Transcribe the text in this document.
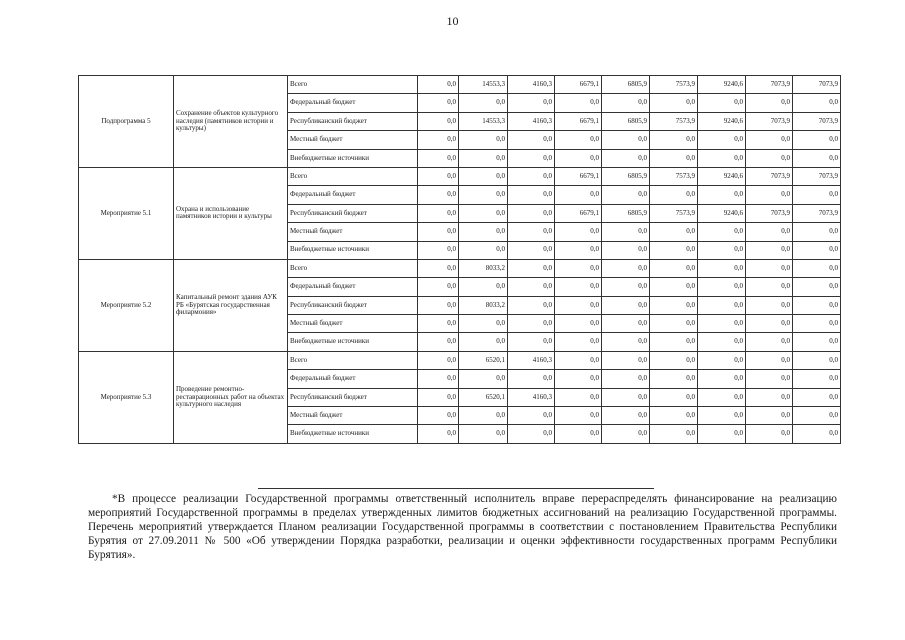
10
Подпрограмма 5	Сохранение объектов культурного наследия (памятников истории и культуры)	Всего	0,0	14553,3	4160,3	6679,1	6805,9	7573,9	9240,6	7073,9	7073,9
		Федеральный бюджет	0,0	0,0	0,0	0,0	0,0	0,0	0,0	0,0	0,0
		Республиканский бюджет	0,0	14553,3	4160,3	6679,1	6805,9	7573,9	9240,6	7073,9	7073,9
		Местный бюджет	0,0	0,0	0,0	0,0	0,0	0,0	0,0	0,0	0,0
		Внебюджетные источники	0,0	0,0	0,0	0,0	0,0	0,0	0,0	0,0	0,0
Мероприятие 5.1	Охрана и использование памятников истории и культуры	Всего	0,0	0,0	0,0	6679,1	6805,9	7573,9	9240,6	7073,9	7073,9
		Федеральный бюджет	0,0	0,0	0,0	0,0	0,0	0,0	0,0	0,0	0,0
		Республиканский бюджет	0,0	0,0	0,0	6679,1	6805,9	7573,9	9240,6	7073,9	7073,9
		Местный бюджет	0,0	0,0	0,0	0,0	0,0	0,0	0,0	0,0	0,0
		Внебюджетные источники	0,0	0,0	0,0	0,0	0,0	0,0	0,0	0,0	0,0
Мероприятие 5.2	Капитальный ремонт здания АУК РБ «Бурятская государственная филармония»	Всего	0,0	8033,2	0,0	0,0	0,0	0,0	0,0	0,0	0,0
		Федеральный бюджет	0,0	0,0	0,0	0,0	0,0	0,0	0,0	0,0	0,0
		Республиканский бюджет	0,0	8033,2	0,0	0,0	0,0	0,0	0,0	0,0	0,0
		Местный бюджет	0,0	0,0	0,0	0,0	0,0	0,0	0,0	0,0	0,0
		Внебюджетные источники	0,0	0,0	0,0	0,0	0,0	0,0	0,0	0,0	0,0
Мероприятие 5.3	Проведение ремонтно-реставрационных работ на объектах культурного наследия	Всего	0,0	6520,1	4160,3	0,0	0,0	0,0	0,0	0,0	0,0
		Федеральный бюджет	0,0	0,0	0,0	0,0	0,0	0,0	0,0	0,0	0,0
		Республиканский бюджет	0,0	6520,1	4160,3	0,0	0,0	0,0	0,0	0,0	0,0
		Местный бюджет	0,0	0,0	0,0	0,0	0,0	0,0	0,0	0,0	0,0
		Внебюджетные источники	0,0	0,0	0,0	0,0	0,0	0,0	0,0	0,0	0,0

*В процессе реализации Государственной программы ответственный исполнитель вправе перераспределять финансирование на реализацию мероприятий Государственной программы в пределах утвержденных лимитов бюджетных ассигнований на реализацию Государственной программы. Перечень мероприятий утверждается Планом реализации Государственной программы в соответствии с постановлением Правительства Республики Бурятия от 27.09.2011 № 500 «Об утверждении Порядка разработки, реализации и оценки эффективности государственных программ Республики Бурятия».
